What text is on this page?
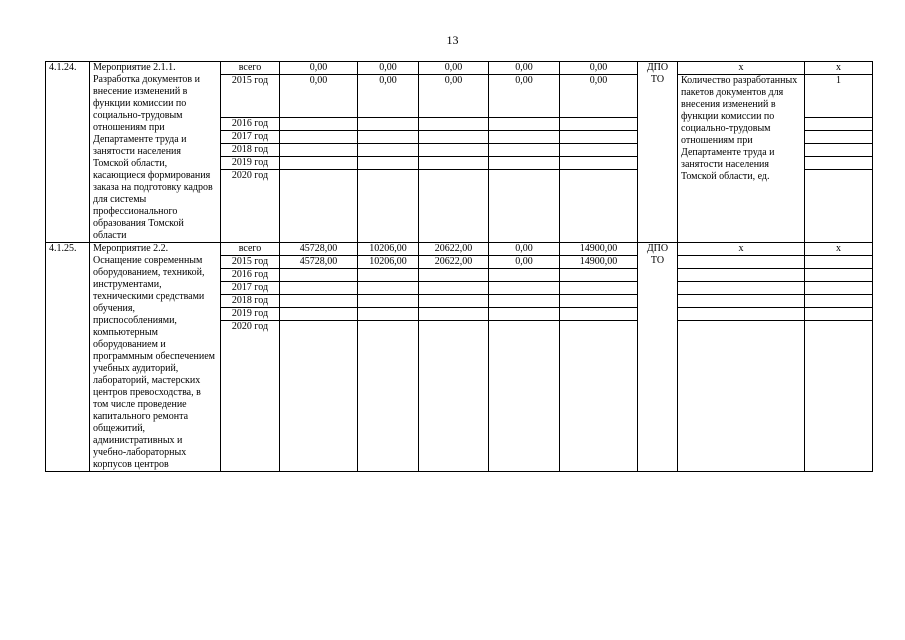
13
4.1.24.	Мероприятие 2.1.1. Разработка документов и внесение изменений в функции комиссии по социально-трудовым отношениям при Департаменте труда и занятости населения Томской области, касающиеся формирования заказа на подготовку кадров для системы профессионального образования Томской области	всего	0,00	0,00	0,00	0,00	0,00	ДПО ТО	х	х
		2015 год	0,00	0,00	0,00	0,00	0,00		Количество разработанных пакетов документов для внесения изменений в функции комиссии по социально-трудовым отношениям при Департаменте труда и занятости населения Томской области, ед.	1
		2016 год								
		2017 год								
		2018 год								
		2019 год								
		2020 год								

4.1.25.	Мероприятие 2.2. Оснащение современным оборудованием, техникой, инструментами, техническими средствами обучения, приспособлениями, компьютерным оборудованием и программным обеспечением учебных аудиторий, лабораторий, мастерских центров превосходства, в том числе проведение капитального ремонта общежитий, административных и учебно-лабораторных корпусов центров	всего	45728,00	10206,00	20622,00	0,00	14900,00	ДПО ТО	х	х
		2015 год	45728,00	10206,00	20622,00	0,00	14900,00			
		2016 год								
		2017 год								
		2018 год								
		2019 год								
		2020 год								
